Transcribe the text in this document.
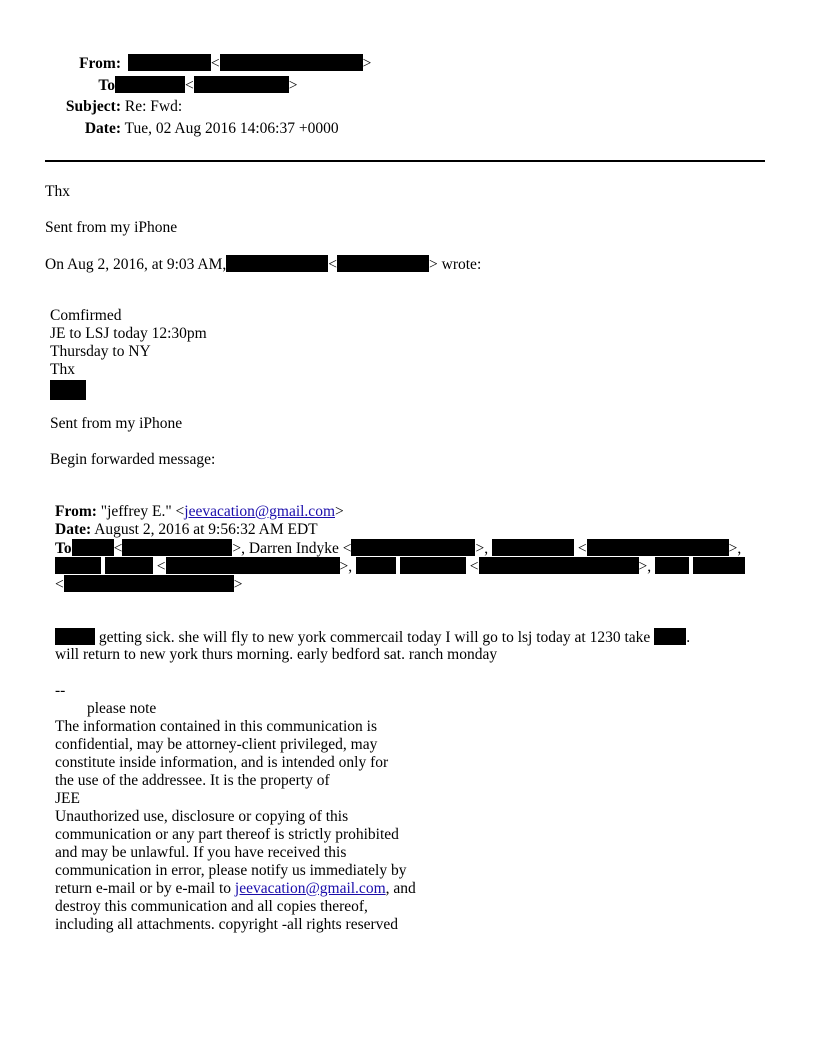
From:	<	>
To	<	>
Subject: Re: Fwd:
Date: Tue, 02 Aug 2016 14:06:37 +0000
Thx
Sent from my iPhone
On Aug 2, 2016, at 9:03 AM,	<	> wrote:
Comfirmed
JE to LSJ today 12:30pm
Thursday to NY
Thx
Sent from my iPhone
Begin forwarded message:
From: "jeffrey E." <jeevacation@gmail.com>
Date: August 2, 2016 at 9:56:32 AM EDT
To	<	>, Darren Indyke <	>,	<	>,
<	>,	<	>,
<	>
getting sick. she will fly to new york commercail today I will go to lsj today at 1230 take .
will return to new york thurs morning. early bedford sat. ranch monday
--
please note
The information contained in this communication is
confidential, may be attorney-client privileged, may
constitute inside information, and is intended only for
the use of the addressee. It is the property of
JEE
Unauthorized use, disclosure or copying of this
communication or any part thereof is strictly prohibited
and may be unlawful. If you have received this
communication in error, please notify us immediately by
return e-mail or by e-mail to jeevacation@gmail.com, and
destroy this communication and all copies thereof,
including all attachments. copyright -all rights reserved
